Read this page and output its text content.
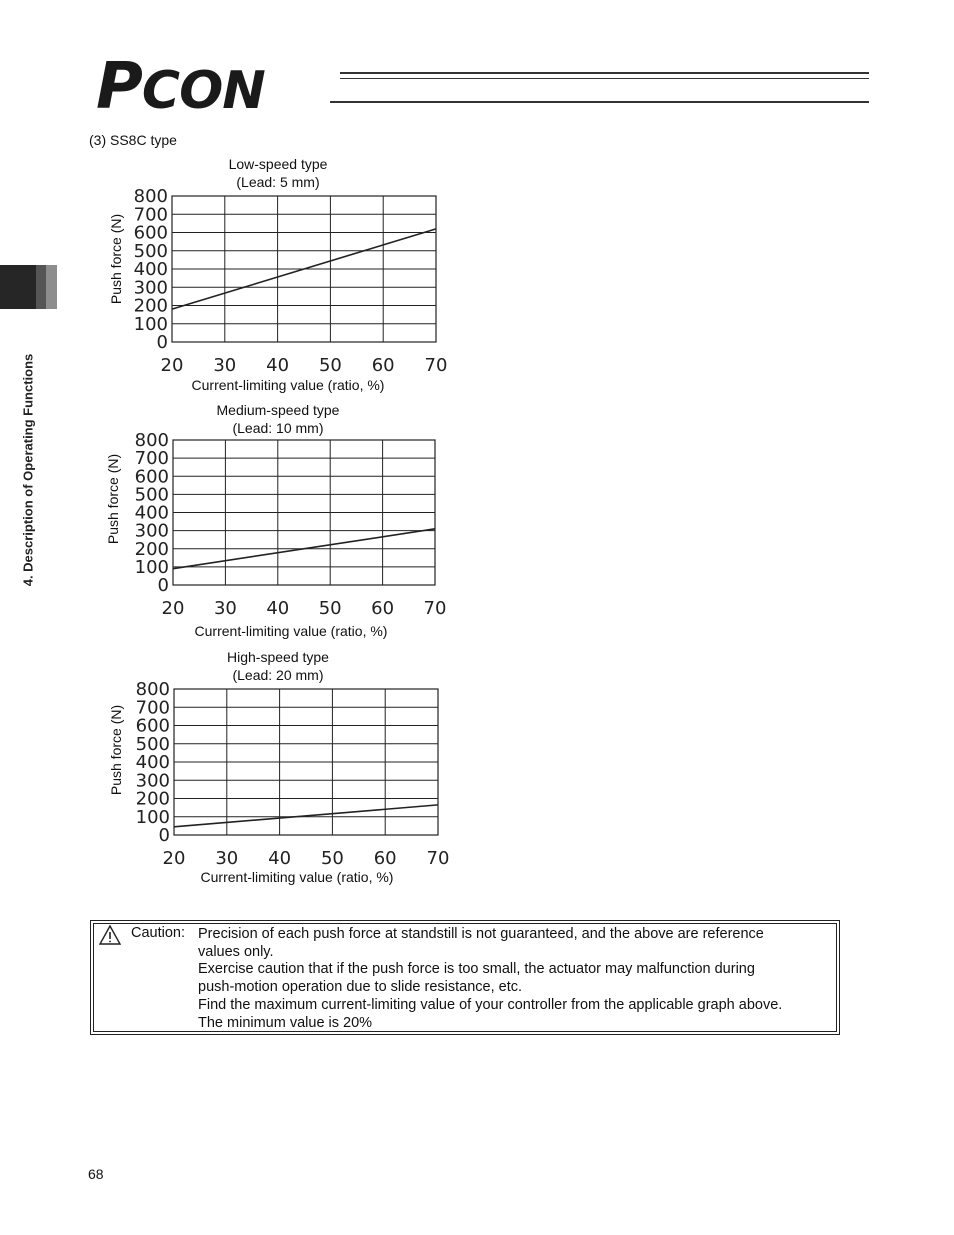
PCON
4. Description of Operating Functions
(3) SS8C type
Low-speed type
(Lead: 5 mm)
Push force (N)
800
700
600
500
400
300
200
100
0
20 30 40 50 60 70
Current-limiting value (ratio, %)
Medium-speed type
(Lead: 10 mm)
Push force (N)
800
700
600
500
400
300
200
100
0
20 30 40 50 60 70
Current-limiting value (ratio, %)
High-speed type
(Lead: 20 mm)
Push force (N)
800
700
600
500
400
300
200
100
0
20 30 40 50 60 70
Current-limiting value (ratio, %)
Caution: Precision of each push force at standstill is not guaranteed, and the above are reference
values only.
Exercise caution that if the push force is too small, the actuator may malfunction during
push-motion operation due to slide resistance, etc.
Find the maximum current-limiting value of your controller from the applicable graph above.
The minimum value is 20%
68
